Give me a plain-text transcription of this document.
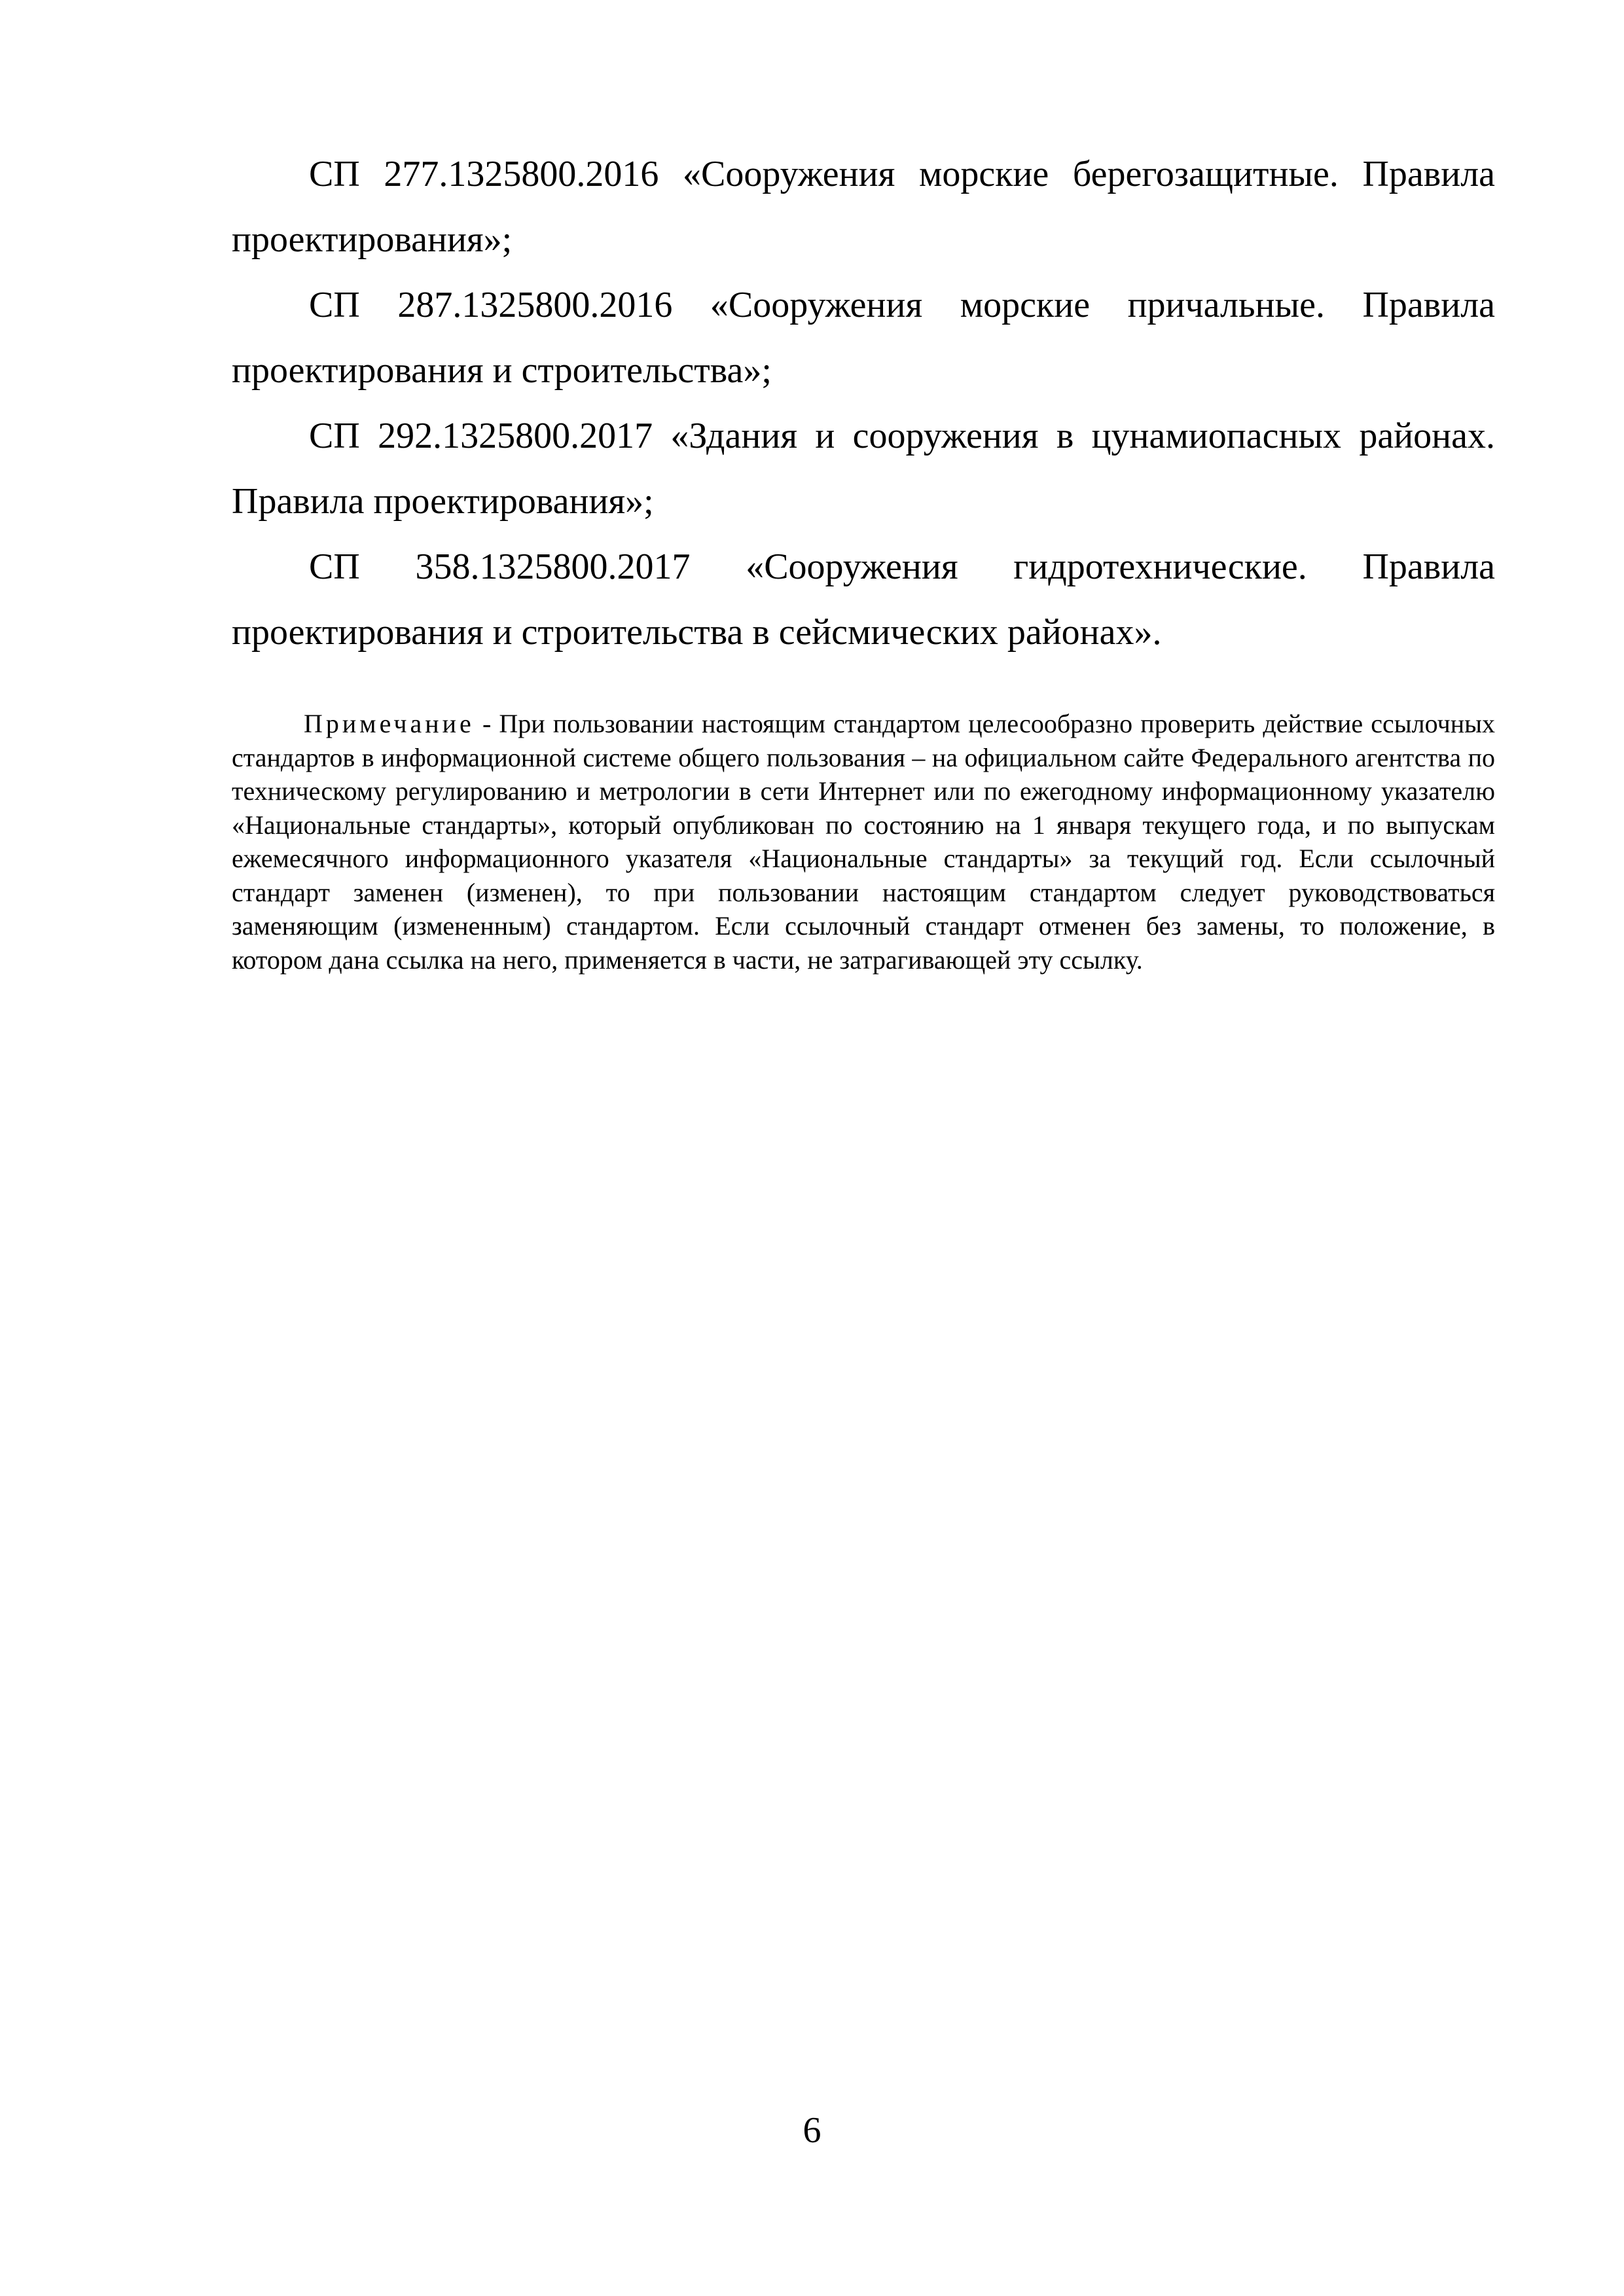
СП 277.1325800.2016 «Сооружения морские берегозащитные. Правила проектирования»;

СП 287.1325800.2016 «Сооружения морские причальные. Правила проектирования и строительства»;

СП 292.1325800.2017 «Здания и сооружения в цунамиопасных районах. Правила проектирования»;

СП 358.1325800.2017 «Сооружения гидротехнические. Правила проектирования и строительства в сейсмических районах».

Примечание - При пользовании настоящим стандартом целесообразно проверить действие ссылочных стандартов в информационной системе общего пользования – на официальном сайте Федерального агентства по техническому регулированию и метрологии в сети Интернет или по ежегодному информационному указателю «Национальные стандарты», который опубликован по состоянию на 1 января текущего года, и по выпускам ежемесячного информационного указателя «Национальные стандарты» за текущий год. Если ссылочный стандарт заменен (изменен), то при пользовании настоящим стандартом следует руководствоваться заменяющим (измененным) стандартом. Если ссылочный стандарт отменен без замены, то положение, в котором дана ссылка на него, применяется в части, не затрагивающей эту ссылку.
6
